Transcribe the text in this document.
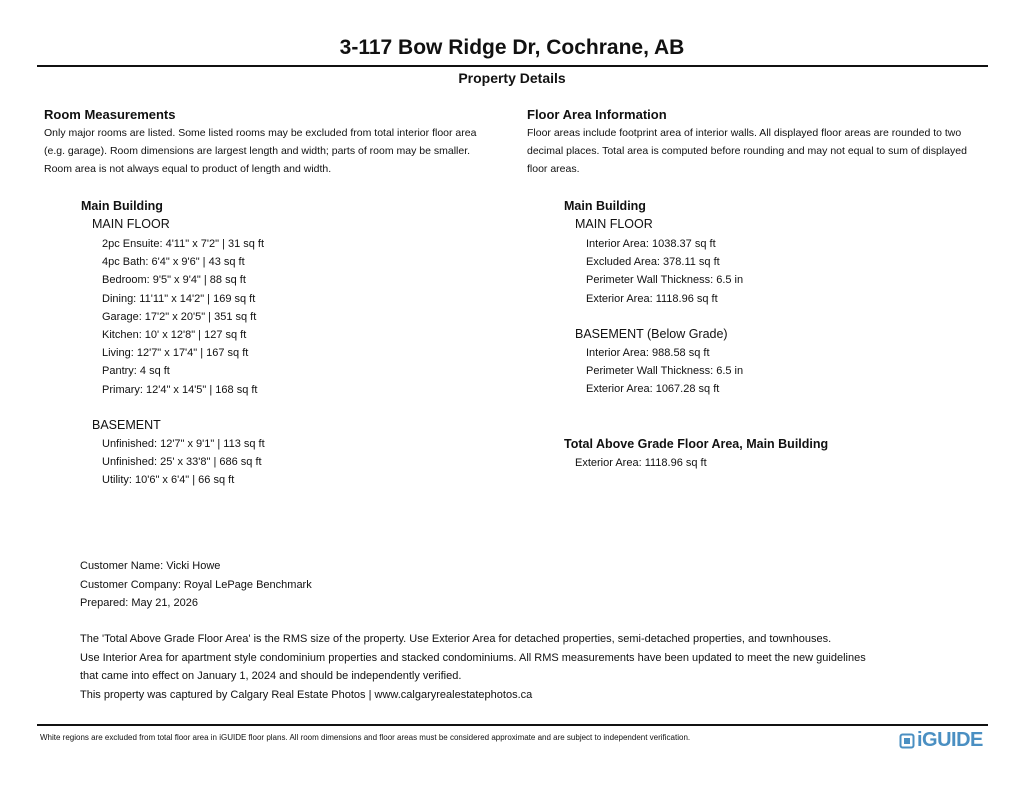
3-117 Bow Ridge Dr, Cochrane, AB
Property Details
Room Measurements
Only major rooms are listed. Some listed rooms may be excluded from total interior floor area
(e.g. garage). Room dimensions are largest length and width; parts of room may be smaller.
Room area is not always equal to product of length and width.
Main Building
MAIN FLOOR
2pc Ensuite: 4'11" x 7'2" | 31 sq ft
4pc Bath: 6'4" x 9'6" | 43 sq ft
Bedroom: 9'5" x 9'4" | 88 sq ft
Dining: 11'11" x 14'2" | 169 sq ft
Garage: 17'2" x 20'5" | 351 sq ft
Kitchen: 10' x 12'8" | 127 sq ft
Living: 12'7" x 17'4" | 167 sq ft
Pantry: 4 sq ft
Primary: 12'4" x 14'5" | 168 sq ft
BASEMENT
Unfinished: 12'7" x 9'1" | 113 sq ft
Unfinished: 25' x 33'8" | 686 sq ft
Utility: 10'6" x 6'4" | 66 sq ft
Floor Area Information
Floor areas include footprint area of interior walls. All displayed floor areas are rounded to two
decimal places. Total area is computed before rounding and may not equal to sum of displayed
floor areas.
Main Building
MAIN FLOOR
Interior Area: 1038.37 sq ft
Excluded Area: 378.11 sq ft
Perimeter Wall Thickness: 6.5 in
Exterior Area: 1118.96 sq ft
BASEMENT (Below Grade)
Interior Area: 988.58 sq ft
Perimeter Wall Thickness: 6.5 in
Exterior Area: 1067.28 sq ft
Total Above Grade Floor Area, Main Building
Exterior Area: 1118.96 sq ft
Customer Name: Vicki Howe
Customer Company: Royal LePage Benchmark
Prepared: May 21, 2026
The 'Total Above Grade Floor Area' is the RMS size of the property. Use Exterior Area for detached properties, semi-detached properties, and townhouses.
Use Interior Area for apartment style condominium properties and stacked condominiums. All RMS measurements have been updated to meet the new guidelines
that came into effect on January 1, 2024 and should be independently verified.
This property was captured by Calgary Real Estate Photos | www.calgaryrealestatephotos.ca
White regions are excluded from total floor area in iGUIDE floor plans. All room dimensions and floor areas must be considered approximate and are subject to independent verification.	iGUIDE
